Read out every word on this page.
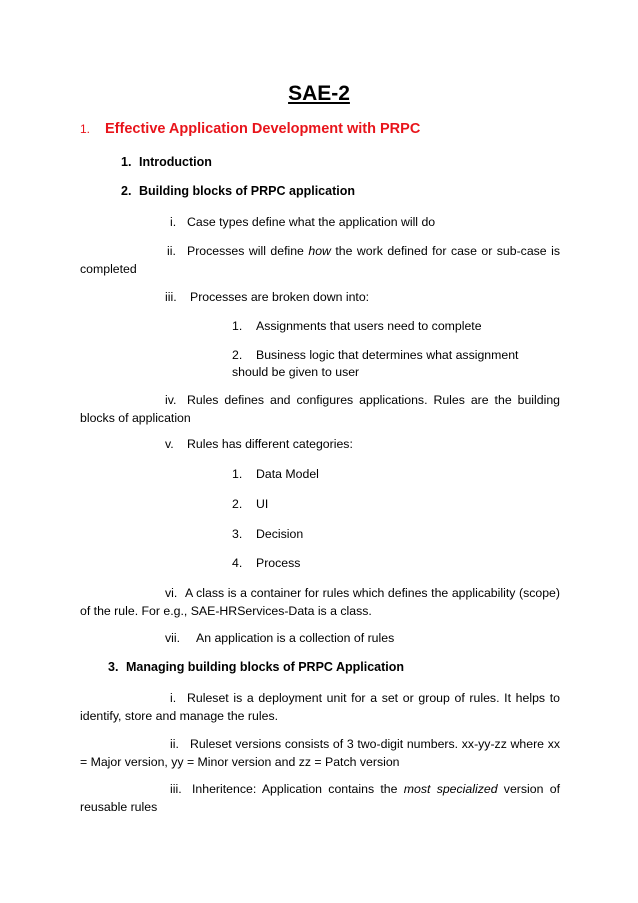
SAE-2
1. Effective Application Development with PRPC
1. Introduction
2. Building blocks of PRPC application
i. Case types define what the application will do
ii. Processes will define how the work defined for case or sub-case is completed
iii. Processes are broken down into:
1. Assignments that users need to complete
2. Business logic that determines what assignment
should be given to user
iv. Rules defines and configures applications. Rules are the building blocks of application
v. Rules has different categories:
1. Data Model
2. UI
3. Decision
4. Process
vi. A class is a container for rules which defines the applicability (scope) of the rule. For e.g., SAE-HRServices-Data is a class.
vii. An application is a collection of rules
3. Managing building blocks of PRPC Application
i. Ruleset is a deployment unit for a set or group of rules. It helps to identify, store and manage the rules.
ii. Ruleset versions consists of 3 two-digit numbers. xx-yy-zz where xx = Major version, yy = Minor version and zz = Patch version
iii. Inheritence: Application contains the most specialized version of reusable rules
